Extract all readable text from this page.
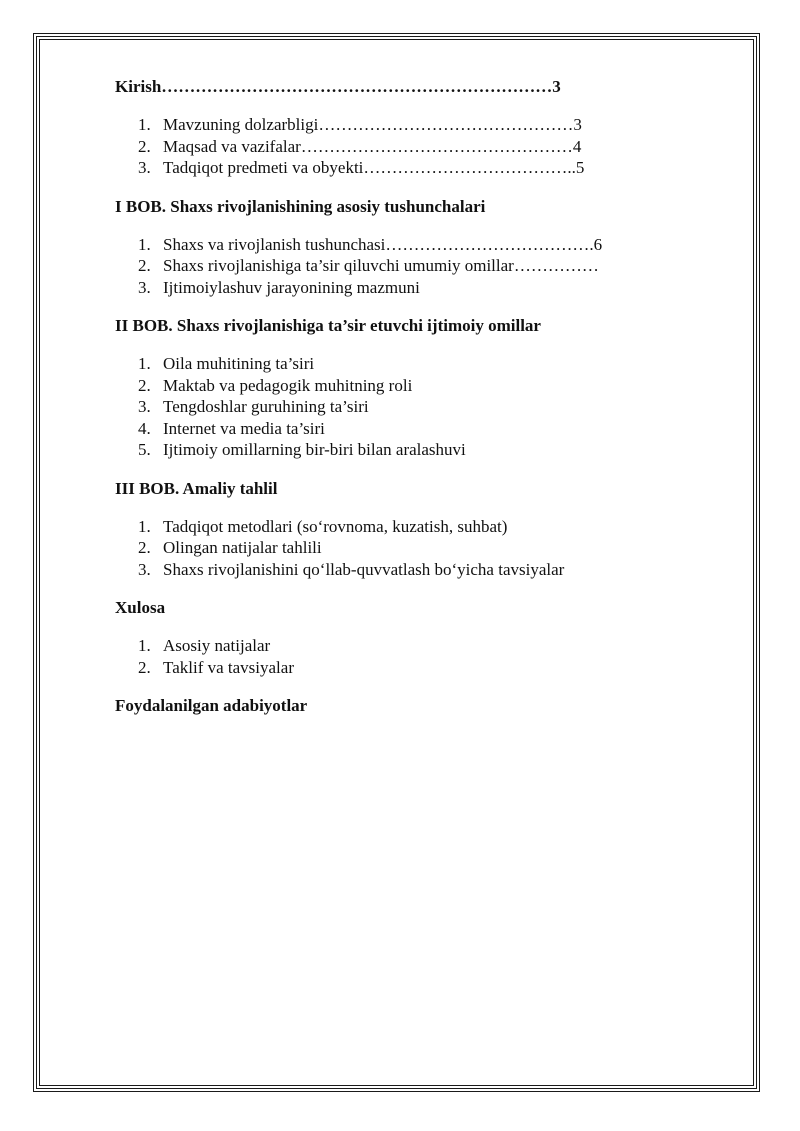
Kirish……………………………………………………………3
1. Mavzuning dolzarbligi………………………………………3
2. Maqsad va vazifalar…………………………………………4
3. Tadqiqot predmeti va obyekti………………………………..5
I BOB. Shaxs rivojlanishining asosiy tushunchalari
1. Shaxs va rivojlanish tushunchasi……………………………….6
2. Shaxs rivojlanishiga ta’sir qiluvchi umumiy omillar……………
3. Ijtimoiylashuv jarayonining mazmuni
II BOB. Shaxs rivojlanishiga ta’sir etuvchi ijtimoiy omillar
1. Oila muhitining ta’siri
2. Maktab va pedagogik muhitning roli
3. Tengdoshlar guruhining ta’siri
4. Internet va media ta’siri
5. Ijtimoiy omillarning bir-biri bilan aralashuvi
III BOB. Amaliy tahlil
1. Tadqiqot metodlari (so‘rovnoma, kuzatish, suhbat)
2. Olingan natijalar tahlili
3. Shaxs rivojlanishini qo‘llab-quvvatlash bo‘yicha tavsiyalar
Xulosa
1. Asosiy natijalar
2. Taklif va tavsiyalar
Foydalanilgan adabiyotlar
